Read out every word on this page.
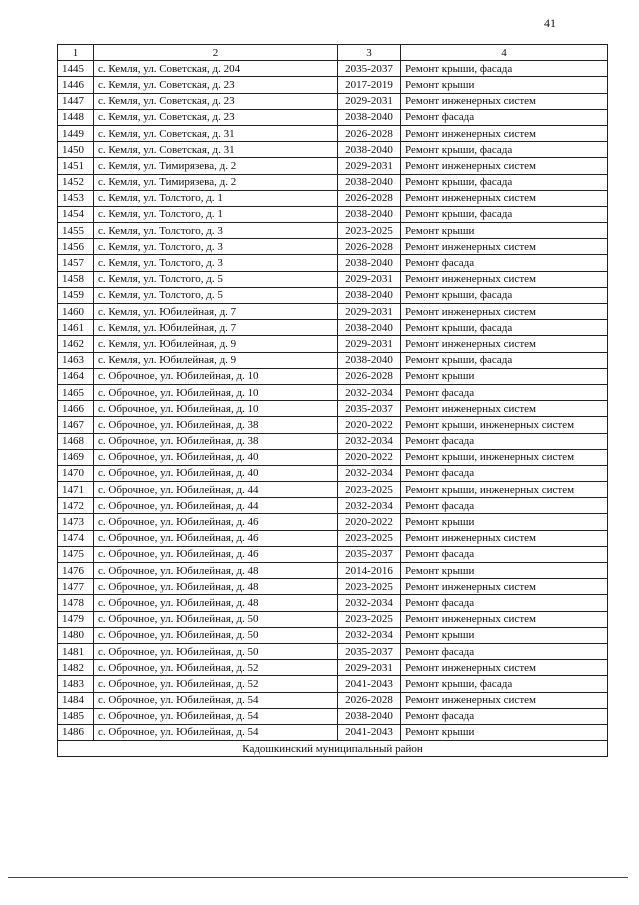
41
1	2	3	4
1445	с. Кемля, ул. Советская, д. 204	2035-2037	Ремонт крыши, фасада
1446	с. Кемля, ул. Советская, д. 23	2017-2019	Ремонт крыши
1447	с. Кемля, ул. Советская, д. 23	2029-2031	Ремонт инженерных систем
1448	с. Кемля, ул. Советская, д. 23	2038-2040	Ремонт фасада
1449	с. Кемля, ул. Советская, д. 31	2026-2028	Ремонт инженерных систем
1450	с. Кемля, ул. Советская, д. 31	2038-2040	Ремонт крыши, фасада
1451	с. Кемля, ул. Тимирязева, д. 2	2029-2031	Ремонт инженерных систем
1452	с. Кемля, ул. Тимирязева, д. 2	2038-2040	Ремонт крыши, фасада
1453	с. Кемля, ул. Толстого, д. 1	2026-2028	Ремонт инженерных систем
1454	с. Кемля, ул. Толстого, д. 1	2038-2040	Ремонт крыши, фасада
1455	с. Кемля, ул. Толстого, д. 3	2023-2025	Ремонт крыши
1456	с. Кемля, ул. Толстого, д. 3	2026-2028	Ремонт инженерных систем
1457	с. Кемля, ул. Толстого, д. 3	2038-2040	Ремонт фасада
1458	с. Кемля, ул. Толстого, д. 5	2029-2031	Ремонт инженерных систем
1459	с. Кемля, ул. Толстого, д. 5	2038-2040	Ремонт крыши, фасада
1460	с. Кемля, ул. Юбилейная, д. 7	2029-2031	Ремонт инженерных систем
1461	с. Кемля, ул. Юбилейная, д. 7	2038-2040	Ремонт крыши, фасада
1462	с. Кемля, ул. Юбилейная, д. 9	2029-2031	Ремонт инженерных систем
1463	с. Кемля, ул. Юбилейная, д. 9	2038-2040	Ремонт крыши, фасада
1464	с. Оброчное, ул. Юбилейная, д. 10	2026-2028	Ремонт крыши
1465	с. Оброчное, ул. Юбилейная, д. 10	2032-2034	Ремонт фасада
1466	с. Оброчное, ул. Юбилейная, д. 10	2035-2037	Ремонт инженерных систем
1467	с. Оброчное, ул. Юбилейная, д. 38	2020-2022	Ремонт крыши, инженерных систем
1468	с. Оброчное, ул. Юбилейная, д. 38	2032-2034	Ремонт фасада
1469	с. Оброчное, ул. Юбилейная, д. 40	2020-2022	Ремонт крыши, инженерных систем
1470	с. Оброчное, ул. Юбилейная, д. 40	2032-2034	Ремонт фасада
1471	с. Оброчное, ул. Юбилейная, д. 44	2023-2025	Ремонт крыши, инженерных систем
1472	с. Оброчное, ул. Юбилейная, д. 44	2032-2034	Ремонт фасада
1473	с. Оброчное, ул. Юбилейная, д. 46	2020-2022	Ремонт крыши
1474	с. Оброчное, ул. Юбилейная, д. 46	2023-2025	Ремонт инженерных систем
1475	с. Оброчное, ул. Юбилейная, д. 46	2035-2037	Ремонт фасада
1476	с. Оброчное, ул. Юбилейная, д. 48	2014-2016	Ремонт крыши
1477	с. Оброчное, ул. Юбилейная, д. 48	2023-2025	Ремонт инженерных систем
1478	с. Оброчное, ул. Юбилейная, д. 48	2032-2034	Ремонт фасада
1479	с. Оброчное, ул. Юбилейная, д. 50	2023-2025	Ремонт инженерных систем
1480	с. Оброчное, ул. Юбилейная, д. 50	2032-2034	Ремонт крыши
1481	с. Оброчное, ул. Юбилейная, д. 50	2035-2037	Ремонт фасада
1482	с. Оброчное, ул. Юбилейная, д. 52	2029-2031	Ремонт инженерных систем
1483	с. Оброчное, ул. Юбилейная, д. 52	2041-2043	Ремонт крыши, фасада
1484	с. Оброчное, ул. Юбилейная, д. 54	2026-2028	Ремонт инженерных систем
1485	с. Оброчное, ул. Юбилейная, д. 54	2038-2040	Ремонт фасада
1486	с. Оброчное, ул. Юбилейная, д. 54	2041-2043	Ремонт крыши
Кадошкинский муниципальный район			
